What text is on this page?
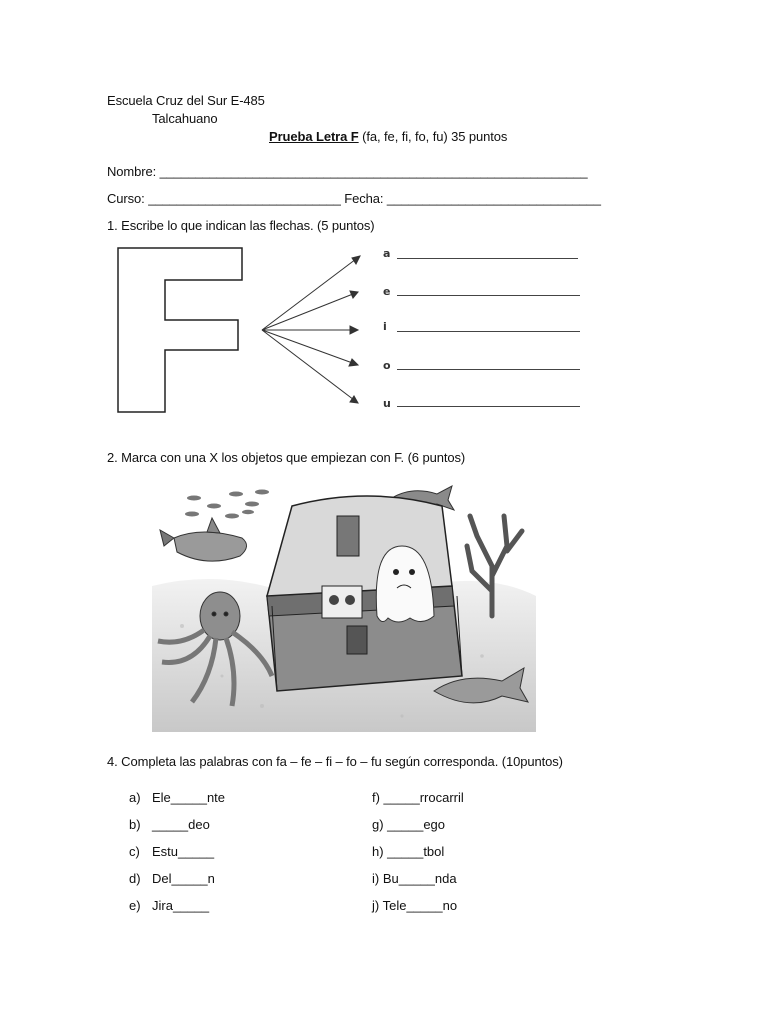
Escuela Cruz del Sur E-485
Talcahuano
Prueba Letra F (fa, fe, fi, fo, fu) 35 puntos
Nombre: ____________________________________________________________
Curso: ___________________________ Fecha: ______________________________
1. Escribe lo que indican las flechas. (5 puntos)
a
e
i
o
u
2. Marca con una X los objetos que empiezan con F. (6 puntos)
4. Completa las palabras con fa – fe – fi – fo – fu según corresponda. (10puntos)
a) Ele_____nte
b) _____deo
c) Estu_____
d) Del_____n
e) Jira_____
f) _____rrocarril
g) _____ego
h) _____tbol
i) Bu_____nda
j) Tele_____no
